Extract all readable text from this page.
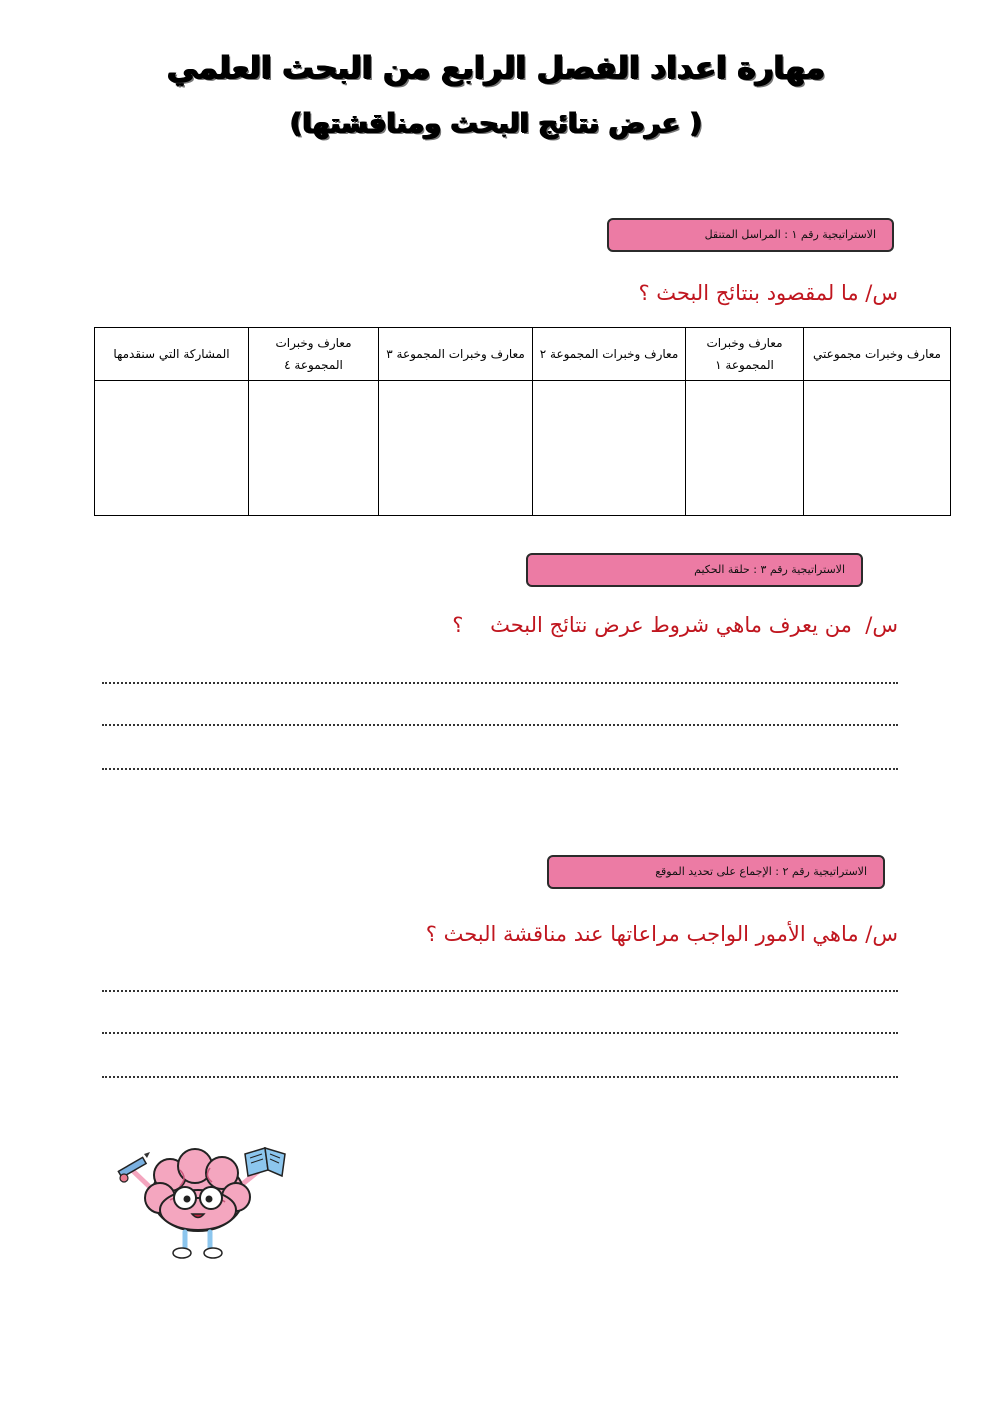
مهارة اعداد الفصل الرابع من البحث العلمي
( عرض نتائج البحث ومناقشتها)
الاستراتيجية رقم ١ : المراسل المتنقل
س/ ما لمقصود بنتائج البحث ؟
معارف وخبرات مجموعتي	معارف وخبرات المجموعة ١	معارف وخبرات المجموعة ٢	معارف وخبرات المجموعة ٣	معارف وخبرات المجموعة ٤	المشاركة التي سنقدمها

الاستراتيجية رقم ٣ : حلقة الحكيم
س/  من يعرف ماهي شروط عرض نتائج البحث    ؟
الاستراتيجية رقم ٢ : الإجماع على تحديد الموقع
س/ ماهي الأمور الواجب مراعاتها عند مناقشة البحث ؟
